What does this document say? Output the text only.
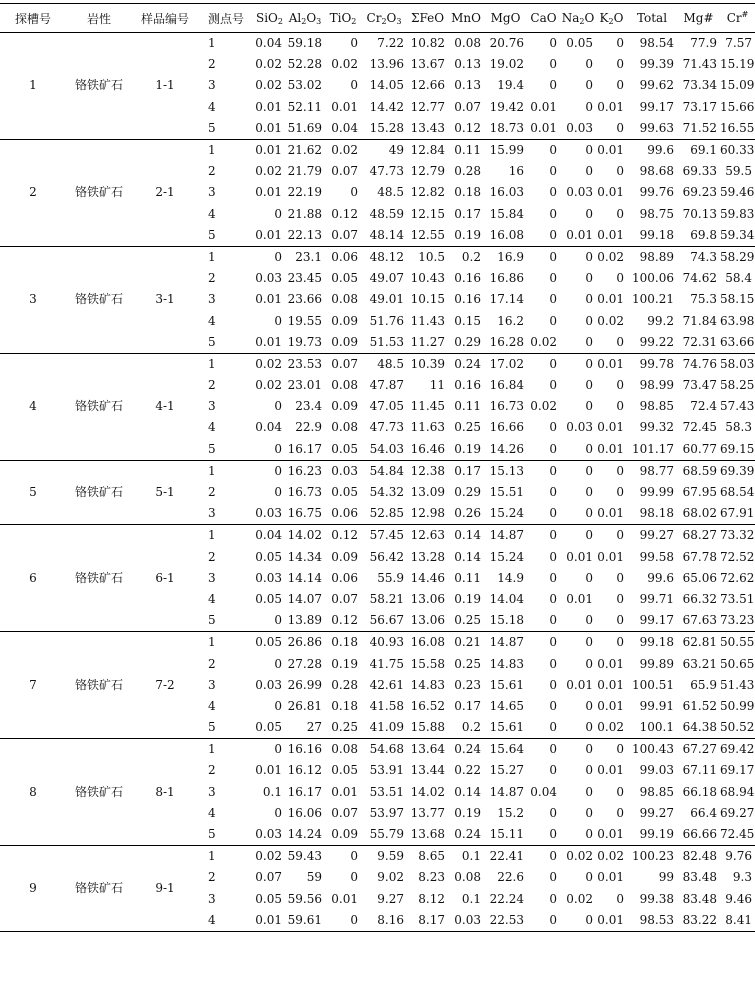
探槽号	岩性	样品编号	测点号	SiO$_2$	$Al_2O_3$	TiO$_2$	$Cr_2O_3$	ΣFeO	MnO	MgO	CaO	$Na_2O$	$K_2O$	Total	Mg#	Cr#
1	铬铁矿石	1-1	1	0.04	59.18	0	7.22	10.82	0.08	20.76	0	0.05	0	98.54	77.9	7.57
			2	0.02	52.28	0.02	13.96	13.67	0.13	19.02	0	0	0	99.39	71.43	15.19
			3	0.02	53.02	0	14.05	12.66	0.13	19.4	0	0	0	99.62	73.34	15.09
			4	0.01	52.11	0.01	14.42	12.77	0.07	19.42	0.01	0	0.01	99.17	73.17	15.66
			5	0.01	51.69	0.04	15.28	13.43	0.12	18.73	0.01	0.03	0	99.63	71.52	16.55
2	铬铁矿石	2-1	1	0.01	21.62	0.02	49	12.84	0.11	15.99	0	0	0.01	99.6	69.1	60.33
			2	0.02	21.79	0.07	47.73	12.79	0.28	16	0	0	0	98.68	69.33	59.5
			3	0.01	22.19	0	48.5	12.82	0.18	16.03	0	0.03	0.01	99.76	69.23	59.46
			4	0	21.88	0.12	48.59	12.15	0.17	15.84	0	0	0	98.75	70.13	59.83
			5	0.01	22.13	0.07	48.14	12.55	0.19	16.08	0	0.01	0.01	99.18	69.8	59.34
3	铬铁矿石	3-1	1	0	23.1	0.06	48.12	10.5	0.2	16.9	0	0	0.02	98.89	74.3	58.29
			2	0.03	23.45	0.05	49.07	10.43	0.16	16.86	0	0	0	100.06	74.62	58.4
			3	0.01	23.66	0.08	49.01	10.15	0.16	17.14	0	0	0.01	100.21	75.3	58.15
			4	0	19.55	0.09	51.76	11.43	0.15	16.2	0	0	0.02	99.2	71.84	63.98
			5	0.01	19.73	0.09	51.53	11.27	0.29	16.28	0.02	0	0	99.22	72.31	63.66
4	铬铁矿石	4-1	1	0.02	23.53	0.07	48.5	10.39	0.24	17.02	0	0	0.01	99.78	74.76	58.03
			2	0.02	23.01	0.08	47.87	11	0.16	16.84	0	0	0	98.99	73.47	58.25
			3	0	23.4	0.09	47.05	11.45	0.11	16.73	0.02	0	0	98.85	72.4	57.43
			4	0.04	22.9	0.08	47.73	11.63	0.25	16.66	0	0.03	0.01	99.32	72.45	58.3
			5	0	16.17	0.05	54.03	16.46	0.19	14.26	0	0	0.01	101.17	60.77	69.15
5	铬铁矿石	5-1	1	0	16.23	0.03	54.84	12.38	0.17	15.13	0	0	0	98.77	68.59	69.39
			2	0	16.73	0.05	54.32	13.09	0.29	15.51	0	0	0	99.99	67.95	68.54
			3	0.03	16.75	0.06	52.85	12.98	0.26	15.24	0	0	0.01	98.18	68.02	67.91
6	铬铁矿石	6-1	1	0.04	14.02	0.12	57.45	12.63	0.14	14.87	0	0	0	99.27	68.27	73.32
			2	0.05	14.34	0.09	56.42	13.28	0.14	15.24	0	0.01	0.01	99.58	67.78	72.52
			3	0.03	14.14	0.06	55.9	14.46	0.11	14.9	0	0	0	99.6	65.06	72.62
			4	0.05	14.07	0.07	58.21	13.06	0.19	14.04	0	0.01	0	99.71	66.32	73.51
			5	0	13.89	0.12	56.67	13.06	0.25	15.18	0	0	0	99.17	67.63	73.23
7	铬铁矿石	7-2	1	0.05	26.86	0.18	40.93	16.08	0.21	14.87	0	0	0	99.18	62.81	50.55
			2	0	27.28	0.19	41.75	15.58	0.25	14.83	0	0	0.01	99.89	63.21	50.65
			3	0.03	26.99	0.28	42.61	14.83	0.23	15.61	0	0.01	0.01	100.51	65.9	51.43
			4	0	26.81	0.18	41.58	16.52	0.17	14.65	0	0	0.01	99.91	61.52	50.99
			5	0.05	27	0.25	41.09	15.88	0.2	15.61	0	0	0.02	100.1	64.38	50.52
8	铬铁矿石	8-1	1	0	16.16	0.08	54.68	13.64	0.24	15.64	0	0	0	100.43	67.27	69.42
			2	0.01	16.12	0.05	53.91	13.44	0.22	15.27	0	0	0.01	99.03	67.11	69.17
			3	0.1	16.17	0.01	53.51	14.02	0.14	14.87	0.04	0	0	98.85	66.18	68.94
			4	0	16.06	0.07	53.97	13.77	0.19	15.2	0	0	0	99.27	66.4	69.27
			5	0.03	14.24	0.09	55.79	13.68	0.24	15.11	0	0	0.01	99.19	66.66	72.45
9	铬铁矿石	9-1	1	0.02	59.43	0	9.59	8.65	0.1	22.41	0	0.02	0.02	100.23	82.48	9.76
			2	0.07	59	0	9.02	8.23	0.08	22.6	0	0	0.01	99	83.48	9.3
			3	0.05	59.56	0.01	9.27	8.12	0.1	22.24	0	0.02	0	99.38	83.48	9.46
			4	0.01	59.61	0	8.16	8.17	0.03	22.53	0	0	0.01	98.53	83.22	8.41
